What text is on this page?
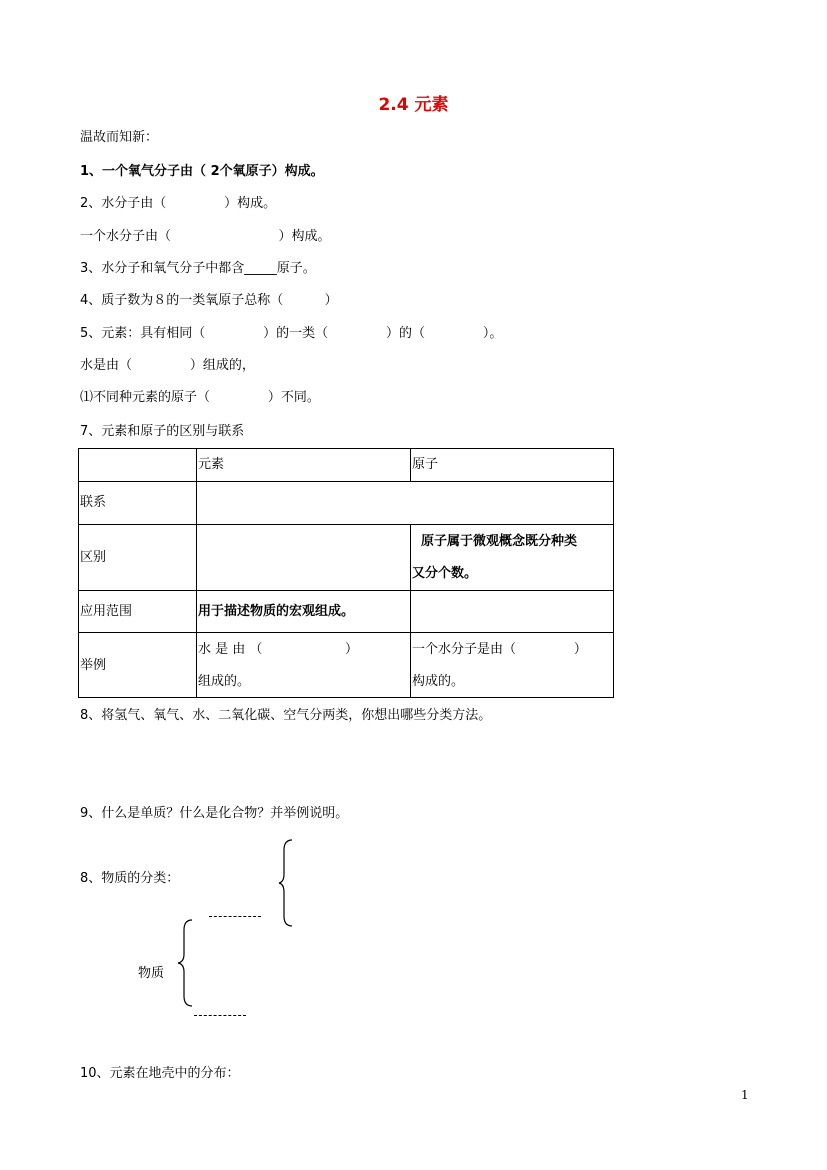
2.4 元素
温故而知新：
1、一个氧气分子由（ 2个氧原子）构成。
2、水分子由（              ）构成。
一个水分子由（                          ）构成。
3、水分子和氧气分子中都含_____原子。
4、质子数为８的一类氧原子总称（          ）
5、元素：具有相同（              ）的一类（              ）的（              ）。
水是由（              ）组成的，
⑴不同种元素的原子（              ）不同。
7、元素和原子的区别与联系
元素	原子
联系
区别
原子属于微观概念既分种类
又分个数。
应用范围	用于描述物质的宏观组成。
举例
水 是 由 （                    ）
组成的。
一个水分子是由（              ）
构成的。
8、将氢气、氧气、水、二氧化碳、空气分两类，你想出哪些分类方法。
9、什么是单质？什么是化合物？并举例说明。
8、物质的分类：
物质
10、元素在地壳中的分布：
1
